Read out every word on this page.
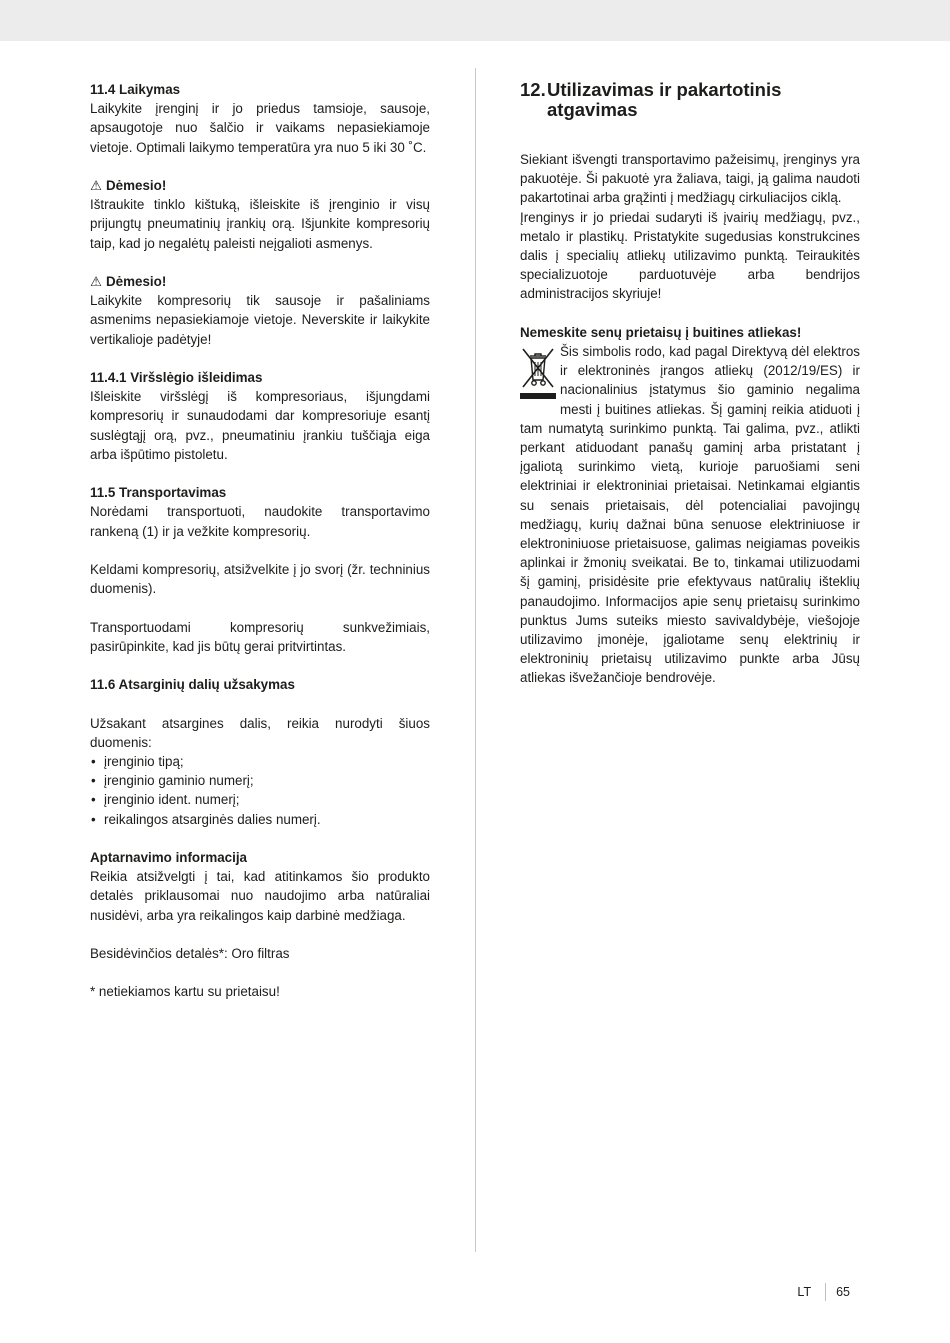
11.4 Laikymas

Laikykite įrenginį ir jo priedus tamsioje, sausoje, apsaugotoje nuo šalčio ir vaikams nepasiekiamoje vietoje. Optimali laikymo temperatūra yra nuo 5 iki 30 ˚C.

⚠ Dėmesio!

Ištraukite tinklo kištuką, išleiskite iš įrenginio ir visų prijungtų pneumatinių įrankių orą. Išjunkite kompresorių taip, kad jo negalėtų paleisti neįgalioti asmenys.

⚠ Dėmesio!

Laikykite kompresorių tik sausoje ir pašaliniams asmenims nepasiekiamoje vietoje. Neverskite ir laikykite vertikalioje padėtyje!

11.4.1 Viršslėgio išleidimas

Išleiskite viršslėgį iš kompresoriaus, išjungdami kompresorių ir sunaudodami dar kompresoriuje esantį suslėgtąjį orą, pvz., pneumatiniu įrankiu tuščiąja eiga arba išpūtimo pistoletu.

11.5 Transportavimas

Norėdami transportuoti, naudokite transportavimo rankeną (1) ir ja vežkite kompresorių.

Keldami kompresorių, atsižvelkite į jo svorį (žr. techninius duomenis).

Transportuodami kompresorių sunkvežimiais, pasirūpinkite, kad jis būtų gerai pritvirtintas.

11.6 Atsarginių dalių užsakymas

Užsakant atsargines dalis, reikia nurodyti šiuos duomenis:

• įrenginio tipą;
• įrenginio gaminio numerį;
• įrenginio ident. numerį;
• reikalingos atsarginės dalies numerį.
Aptarnavimo informacija

Reikia atsižvelgti į tai, kad atitinkamos šio produkto detalės priklausomai nuo naudojimo arba natūraliai nusidėvi, arba yra reikalingos kaip darbinė medžiaga.

Besidėvinčios detalės*: Oro filtras

* netiekiamos kartu su prietaisu!

12. Utilizavimas ir pakartotinis atgavimas

Siekiant išvengti transportavimo pažeisimų, įrenginys yra pakuotėje. Ši pakuotė yra žaliava, taigi, ją galima naudoti pakartotinai arba grąžinti į medžiagų cirkuliacijos ciklą.

Įrenginys ir jo priedai sudaryti iš įvairių medžiagų, pvz., metalo ir plastikų. Pristatykite sugedusias konstrukcines dalis į specialių atliekų utilizavimo punktą. Teiraukitės specializuotoje parduotuvėje arba bendrijos administracijos skyriuje!

Nemeskite senų prietaisų į buitines atliekas!

Šis simbolis rodo, kad pagal Direktyvą dėl elektros ir elektroninės įrangos atliekų (2012/19/ES) ir nacionalinius įstatymus šio gaminio negalima mesti į buitines atliekas. Šį gaminį reikia atiduoti į tam numatytą surinkimo punktą. Tai galima, pvz., atlikti perkant atiduodant panašų gaminį arba pristatant į įgaliotą surinkimo vietą, kurioje paruošiami seni elektriniai ir elektroniniai prietaisai. Netinkamai elgiantis su senais prietaisais, dėl potencialiai pavojingų medžiagų, kurių dažnai būna senuose elektriniuose ir elektroniniuose prietaisuose, galimas neigiamas poveikis aplinkai ir žmonių sveikatai. Be to, tinkamai utilizuodami šį gaminį, prisidėsite prie efektyvaus natūralių išteklių panaudojimo. Informacijos apie senų prietaisų surinkimo punktus Jums suteiks miesto savivaldybėje, viešojoje utilizavimo įmonėje, įgaliotame senų elektrinių ir elektroninių prietaisų utilizavimo punkte arba Jūsų atliekas išvežančioje bendrovėje.

LT	65
